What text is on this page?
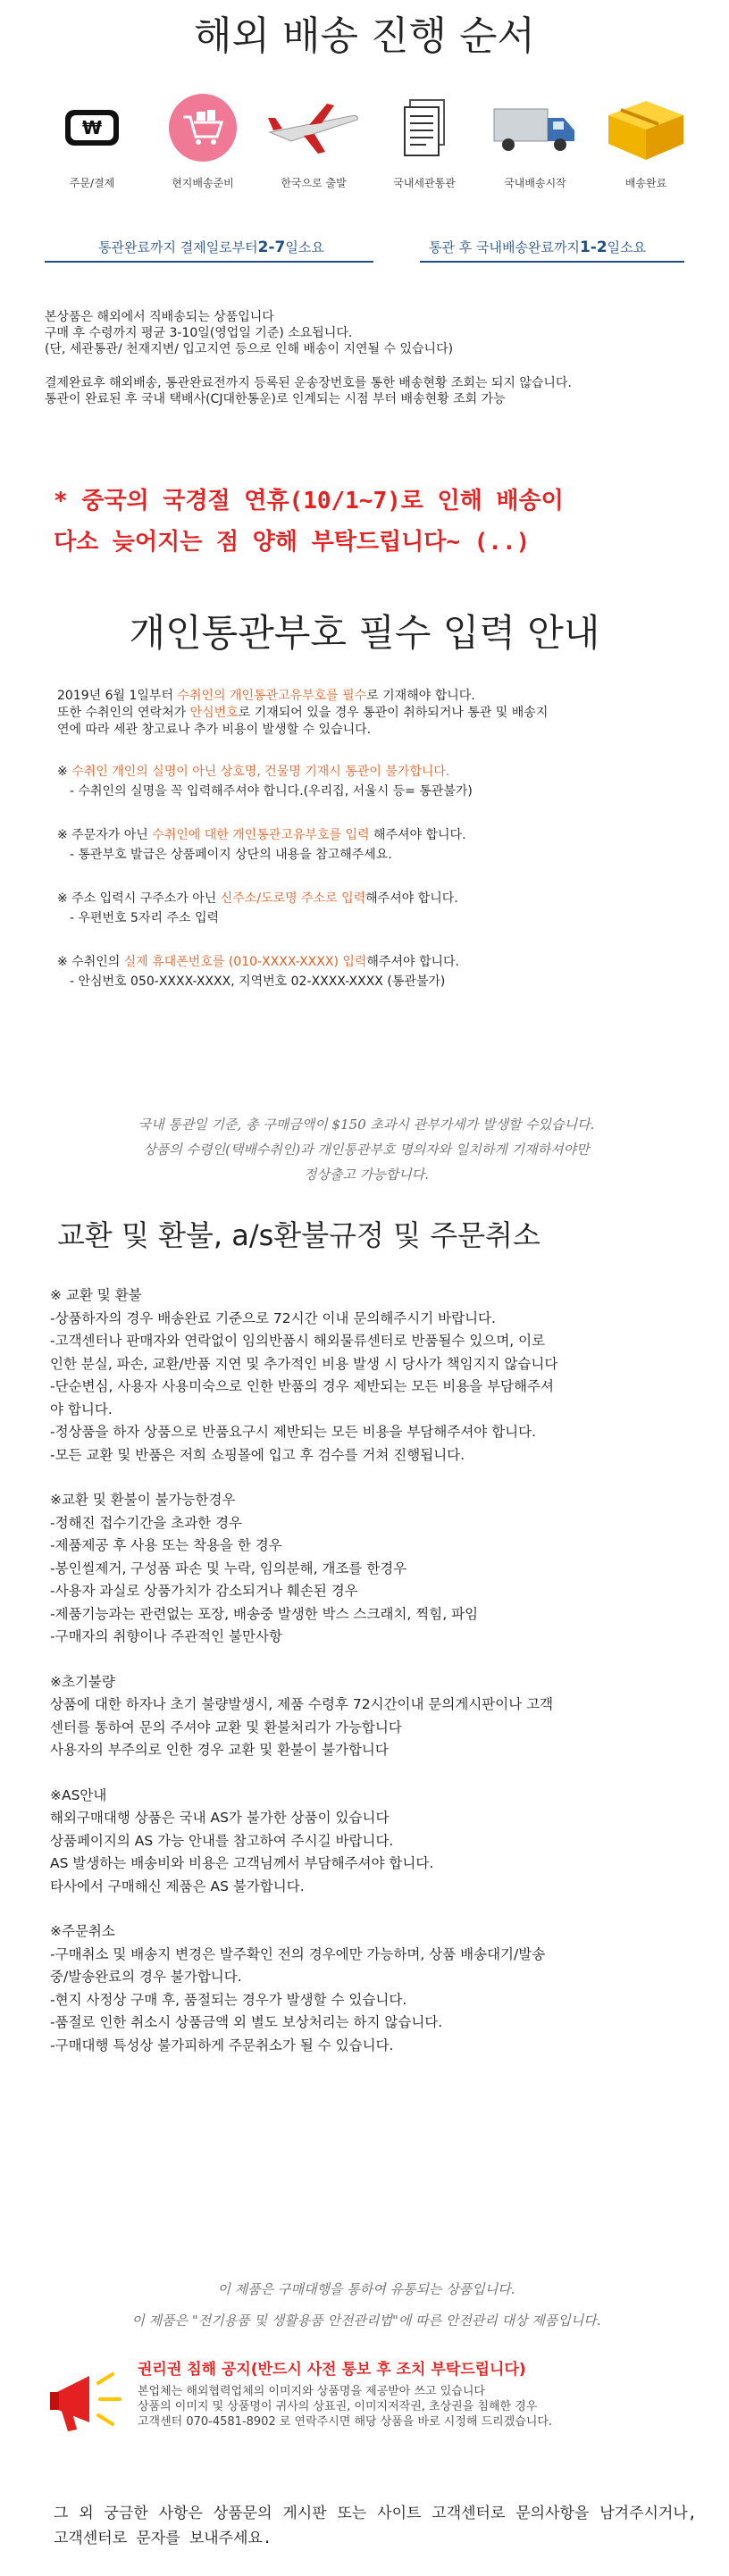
해외 배송 진행 순서
₩
주문/결제	현지배송준비	한국으로 출발	국내세관통관	국내배송시작	배송완료
통관완료까지 결제일로부터2-7일소요	통관 후 국내배송완료까지1-2일소요

본상품은 해외에서 직배송되는 상품입니다
구매 후 수령까지 평균 3-10일(영업일 기준) 소요됩니다.
(단, 세관통관/ 천재지변/ 입고지연 등으로 인해 배송이 지연될 수 있습니다)

결제완료후 해외배송, 통관완료전까지 등록된 운송장번호를 통한 배송현황 조회는 되지 않습니다.
통관이 완료된 후 국내 택배사(CJ대한통운)로 인계되는 시점 부터 배송현황 조회 가능

* 중국의 국경절 연휴(10/1~7)로 인해 배송이
다소 늦어지는 점 양해 부탁드립니다~ (..)
개인통관부호 필수 입력 안내
2019년 6월 1일부터 수취인의 개인통관고유부호를 필수로 기재해야 합니다.
또한 수취인의 연락처가 안심번호로 기재되어 있을 경우 통관이 취하되거나 통관 및 배송지
연에 따라 세관 창고료나 추가 비용이 발생할 수 있습니다.
※ 수취인 개인의 실명이 아닌 상호명, 건물명 기재시 통관이 불가합니다.
- 수취인의 실명을 꼭 입력해주셔야 합니다.(우리집, 서울시 등= 통관불가)
※ 주문자가 아닌 수취인에 대한 개인통관고유부호를 입력 해주셔야 합니다.
- 통관부호 발급은 상품페이지 상단의 내용을 참고해주세요.
※ 주소 입력시 구주소가 아닌 신주소/도로명 주소로 입력해주셔야 합니다.
- 우편번호 5자리 주소 입력
※ 수취인의 실제 휴대폰번호를 (010-XXXX-XXXX) 입력해주셔야 합니다.
- 안심번호 050-XXXX-XXXX, 지역번호 02-XXXX-XXXX (통관불가)
국내 통관일 기준, 총 구매금액이 $150 초과시 관부가세가 발생할 수있습니다.
상품의 수령인(택배수취인)과 개인통관부호 명의자와 일치하게 기재하셔야만
정상출고 가능합니다.
교환 및 환불, a/s환불규정 및 주문취소
※ 교환 및 환불
-상품하자의 경우 배송완료 기준으로 72시간 이내 문의해주시기 바랍니다.
-고객센터나 판매자와 연락없이 임의반품시 해외물류센터로 반품될수 있으며, 이로
인한 분실, 파손, 교환/반품 지연 및 추가적인 비용 발생 시 당사가 책임지지 않습니다
-단순변심, 사용자 사용미숙으로 인한 반품의 경우 제반되는 모든 비용을 부담해주셔
야 합니다.
-정상품을 하자 상품으로 반품요구시 제반되는 모든 비용을 부담해주셔야 합니다.
-모든 교환 및 반품은 저희 쇼핑몰에 입고 후 검수를 거쳐 진행됩니다.
※교환 및 환불이 불가능한경우
-정해진 접수기간을 초과한 경우
-제품제공 후 사용 또는 착용을 한 경우
-봉인씰제거, 구성품 파손 및 누락, 임의분해, 개조를 한경우
-사용자 과실로 상품가치가 감소되거나 훼손된 경우
-제품기능과는 관련없는 포장, 배송중 발생한 박스 스크래치, 찍힘, 파임
-구매자의 취향이나 주관적인 불만사항
※초기불량
상품에 대한 하자나 초기 불량발생시, 제품 수령후 72시간이내 문의게시판이나 고객
센터를 통하여 문의 주셔야 교환 및 환불처리가 가능합니다
사용자의 부주의로 인한 경우 교환 및 환불이 불가합니다
※AS안내
해외구매대행 상품은 국내 AS가 불가한 상품이 있습니다
상품페이지의 AS 가능 안내를 참고하여 주시길 바랍니다.
AS 발생하는 배송비와 비용은 고객님께서 부담해주셔야 합니다.
타사에서 구매해신 제품은 AS 불가합니다.
※주문취소
-구매취소 및 배송지 변경은 발주확인 전의 경우에만 가능하며, 상품 배송대기/발송
중/발송완료의 경우 불가합니다.
-현지 사정상 구매 후, 품절되는 경우가 발생할 수 있습니다.
-품절로 인한 취소시 상품금액 외 별도 보상처리는 하지 않습니다.
-구매대행 특성상 불가피하게 주문취소가 될 수 있습니다.
이 제품은 구매대행을 통하여 유통되는 상품입니다.
이 제품은 "전기용품 및 생활용품 안전관리법"에 따른 안전관리 대상 제품입니다.
권리권 침해 공지(반드시 사전 통보 후 조치 부탁드립니다)
본업체는 해외협력업체의 이미지와 상품명을 제공받아 쓰고 있습니다
상품의 이미지 및 상품명이 귀사의 상표권, 이미지저작권, 초상권을 침해한 경우
고객센터 070-4581-8902 로 연락주시면 해당 상품을 바로 시정해 드리겠습니다.
그 외 궁금한 사항은 상품문의 게시판 또는 사이트 고객센터로 문의사항을 남겨주시거나, 고객센터로 문자를 보내주세요.
